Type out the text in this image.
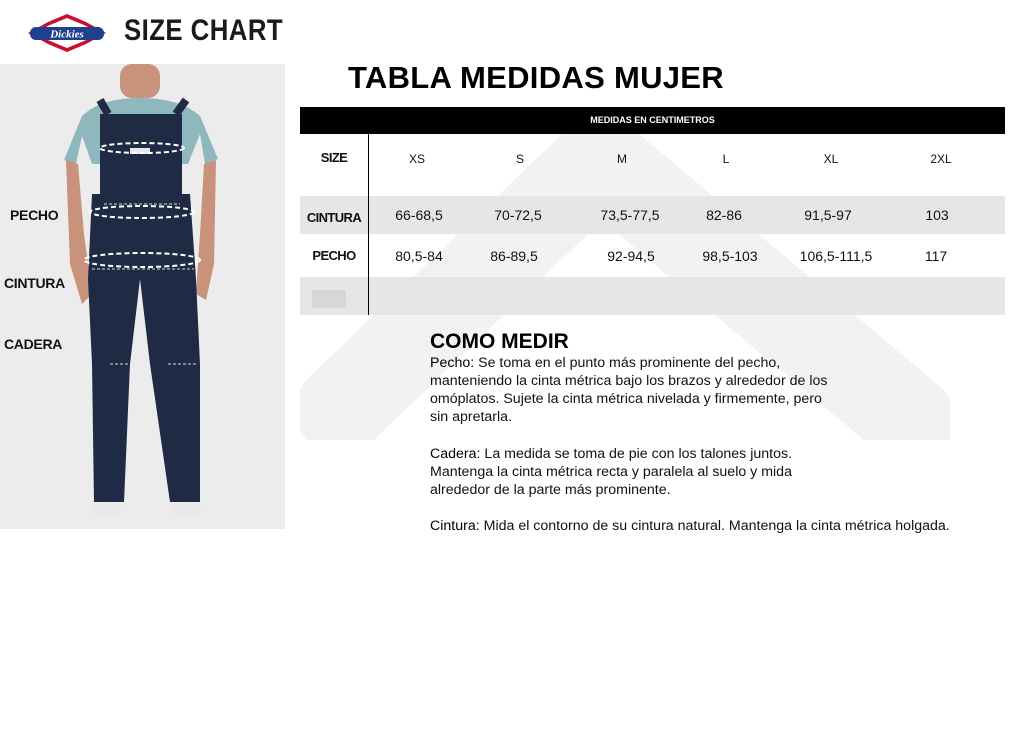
Dickies SIZE CHART
PECHO
CINTURA
CADERA
TABLA MEDIDAS MUJER
MEDIDAS EN CENTIMETROS
SIZE	XS	S	M	L	XL	2XL
CINTURA	66-68,5	70-72,5	73,5-77,5	82-86	91,5-97	103
PECHO	80,5-84	86-89,5	92-94,5	98,5-103	106,5-111,5	117
COMO MEDIR
Pecho: Se toma en el punto más prominente del pecho, manteniendo la cinta métrica bajo los brazos y alrededor de los omóplatos. Sujete la cinta métrica nivelada y firmemente, pero sin apretarla.
Cadera: La medida se toma de pie con los talones juntos. Mantenga la cinta métrica recta y paralela al suelo y mida alrededor de la parte más prominente.
Cintura: Mida el contorno de su cintura natural. Mantenga la cinta métrica holgada.
